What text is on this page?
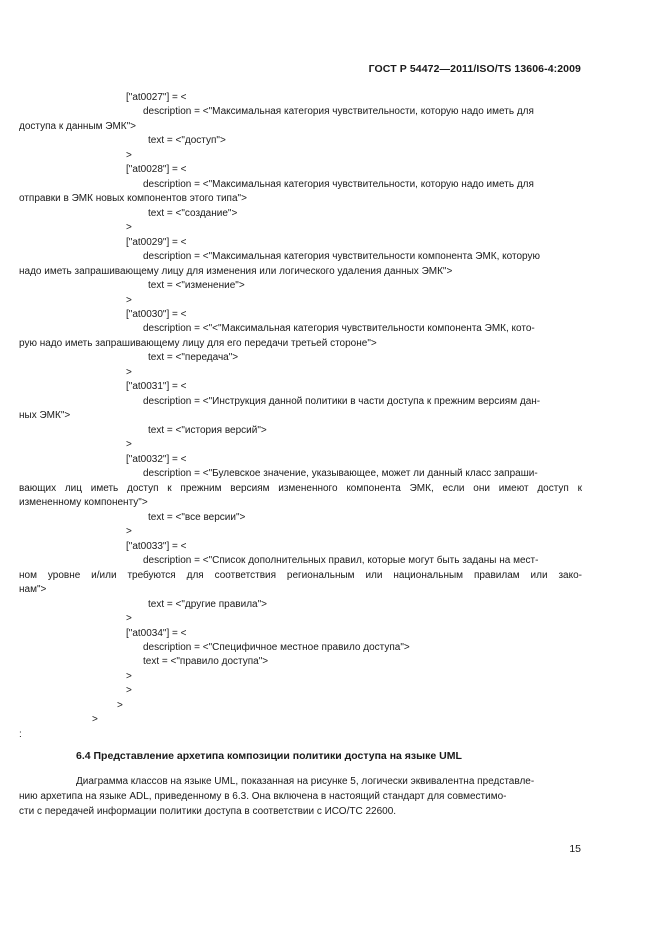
ГОСТ Р 54472—2011/ISO/TS 13606-4:2009
["at0027"] = <
description = <"Максимальная категория чувствительности, которую надо иметь для
доступа к данным ЭМК">
text = <"доступ">
>
["at0028"] = <
description = <"Максимальная категория чувствительности, которую надо иметь для
отправки в ЭМК новых компонентов этого типа">
text = <"создание">
>
["at0029"] = <
description = <"Максимальная категория чувствительности компонента ЭМК, которую
надо иметь запрашивающему лицу для изменения или логического удаления данных ЭМК">
text = <"изменение">
>
["at0030"] = <
description = <"<"Максимальная категория чувствительности компонента ЭМК, кото-
рую надо иметь запрашивающему лицу для его передачи третьей стороне">
text = <"передача">
>
["at0031"] = <
description = <"Инструкция данной политики в части доступа к прежним версиям дан-
ных ЭМК">
text = <"история версий">
>
["at0032"] = <
description = <"Булевское значение, указывающее, может ли данный класс запраши-
вающих лиц иметь доступ к прежним версиям измененного компонента ЭМК, если они имеют доступ к
измененному компоненту">
text = <"все версии">
>
["at0033"] = <
description = <"Список дополнительных правил, которые могут быть заданы на мест-
ном уровне и/или требуются для соответствия региональным или национальным правилам или зако-
нам">
text = <"другие правила">
>
["at0034"] = <
description = <"Специфичное местное правило доступа">
text = <"правило доступа">
>
>
>
>
:
6.4 Представление архетипа композиции политики доступа на языке UML
Диаграмма классов на языке UML, показанная на рисунке 5, логически эквивалентна представле-
нию архетипа на языке ADL, приведенному в 6.3. Она включена в настоящий стандарт для совместимо-
сти с передачей информации политики доступа в соответствии с ИСО/ТС 22600.
15
